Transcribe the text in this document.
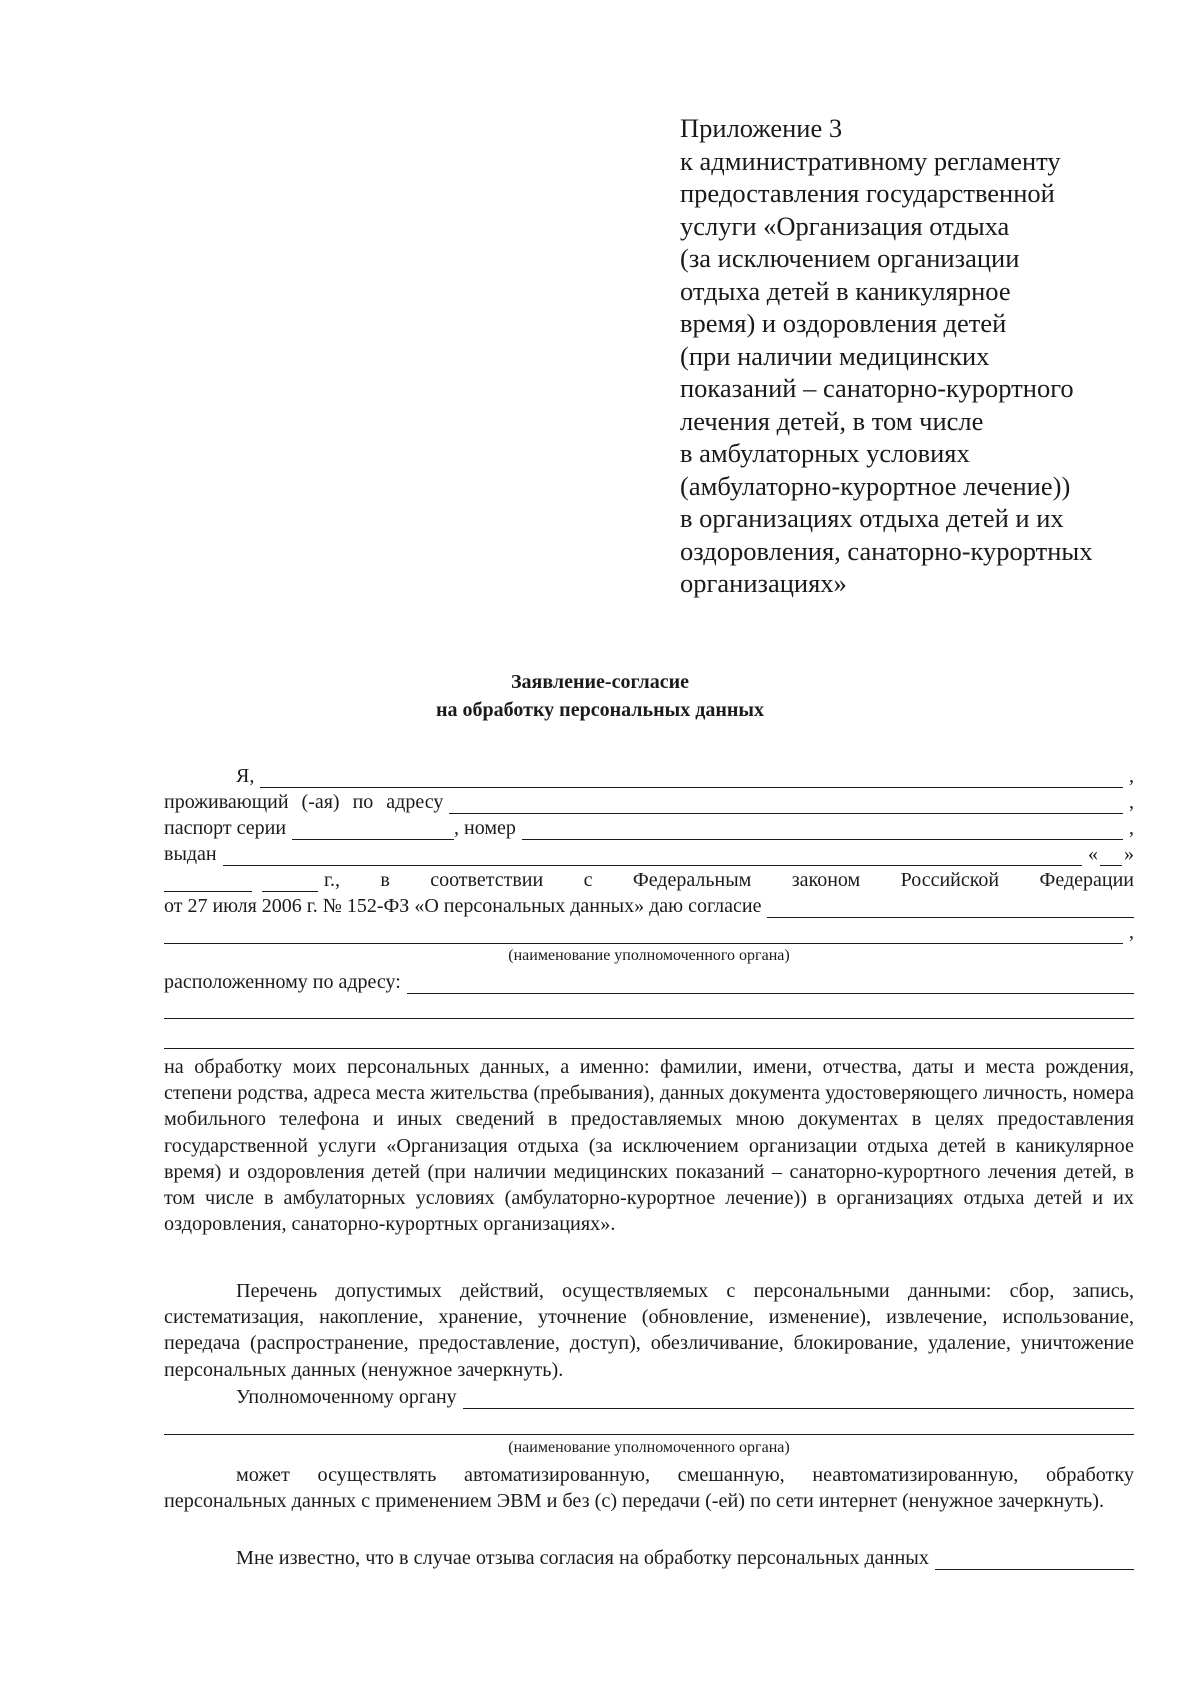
Приложение 3
к административному регламенту
предоставления государственной
услуги «Организация отдыха
(за исключением организации
отдыха детей в каникулярное
время) и оздоровления детей
(при наличии медицинских
показаний – санаторно-курортного
лечения детей, в том числе
в амбулаторных условиях
(амбулаторно-курортное лечение))
в организациях отдыха детей и их
оздоровления, санаторно-курортных
организациях»
Заявление-согласие
на обработку персональных данных
Я,	,
проживающий (-ая) по адресу	,
паспорт серии	, номер	,
выдан	« »
г., в соответствии с Федеральным законом Российской Федерации
от 27 июля 2006 г. № 152-ФЗ «О персональных данных» даю согласие
,
(наименование уполномоченного органа)
расположенному по адресу:
на обработку моих персональных данных, а именно: фамилии, имени, отчества, даты и места рождения, степени родства, адреса места жительства (пребывания), данных документа удостоверяющего личность, номера мобильного телефона и иных сведений в предоставляемых мною документах в целях предоставления государственной услуги «Организация отдыха (за исключением организации отдыха детей в каникулярное время) и оздоровления детей (при наличии медицинских показаний – санаторно-курортного лечения детей, в том числе в амбулаторных условиях (амбулаторно-курортное лечение)) в организациях отдыха детей и их оздоровления, санаторно-курортных организациях».
Перечень допустимых действий, осуществляемых с персональными данными: сбор, запись, систематизация, накопление, хранение, уточнение (обновление, изменение), извлечение, использование, передача (распространение, предоставление, доступ), обезличивание, блокирование, удаление, уничтожение персональных данных (ненужное зачеркнуть).
Уполномоченному органу
(наименование уполномоченного органа)
может осуществлять автоматизированную, смешанную, неавтоматизированную, обработку персональных данных с применением ЭВМ и без (с) передачи (-ей) по сети интернет (ненужное зачеркнуть).
Мне известно, что в случае отзыва согласия на обработку персональных данных
